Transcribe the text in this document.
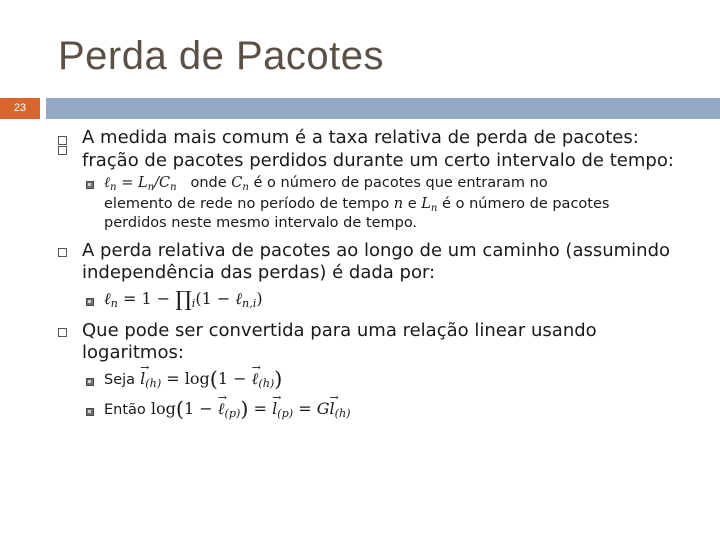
Perda de Pacotes
23
A medida mais comum é a taxa relativa de perda de pacotes:
fração de pacotes perdidos durante um certo intervalo de tempo:
ℓ$_n$ = $L_n/C_n$ onde $C_n$ é o número de pacotes que entraram no
elemento de rede no período de tempo n e $L_n$ é o número de pacotes
perdidos neste mesmo intervalo de tempo.
A perda relativa de pacotes ao longo de um caminho (assumindo
independência das perdas) é dada por:
ℓ$_n$ = $1 - \prod_i(1$ − ℓ$_{n,i}$)
Que pode ser convertida para uma relação linear usando
logaritmos:
Seja → $l_{(h)} = \log(1$ − → ℓ$_{(h)}$)
Então log(1 − → ℓ$_{(p)}$) = → $l_{(p)} = G\to l_{(h)}$
